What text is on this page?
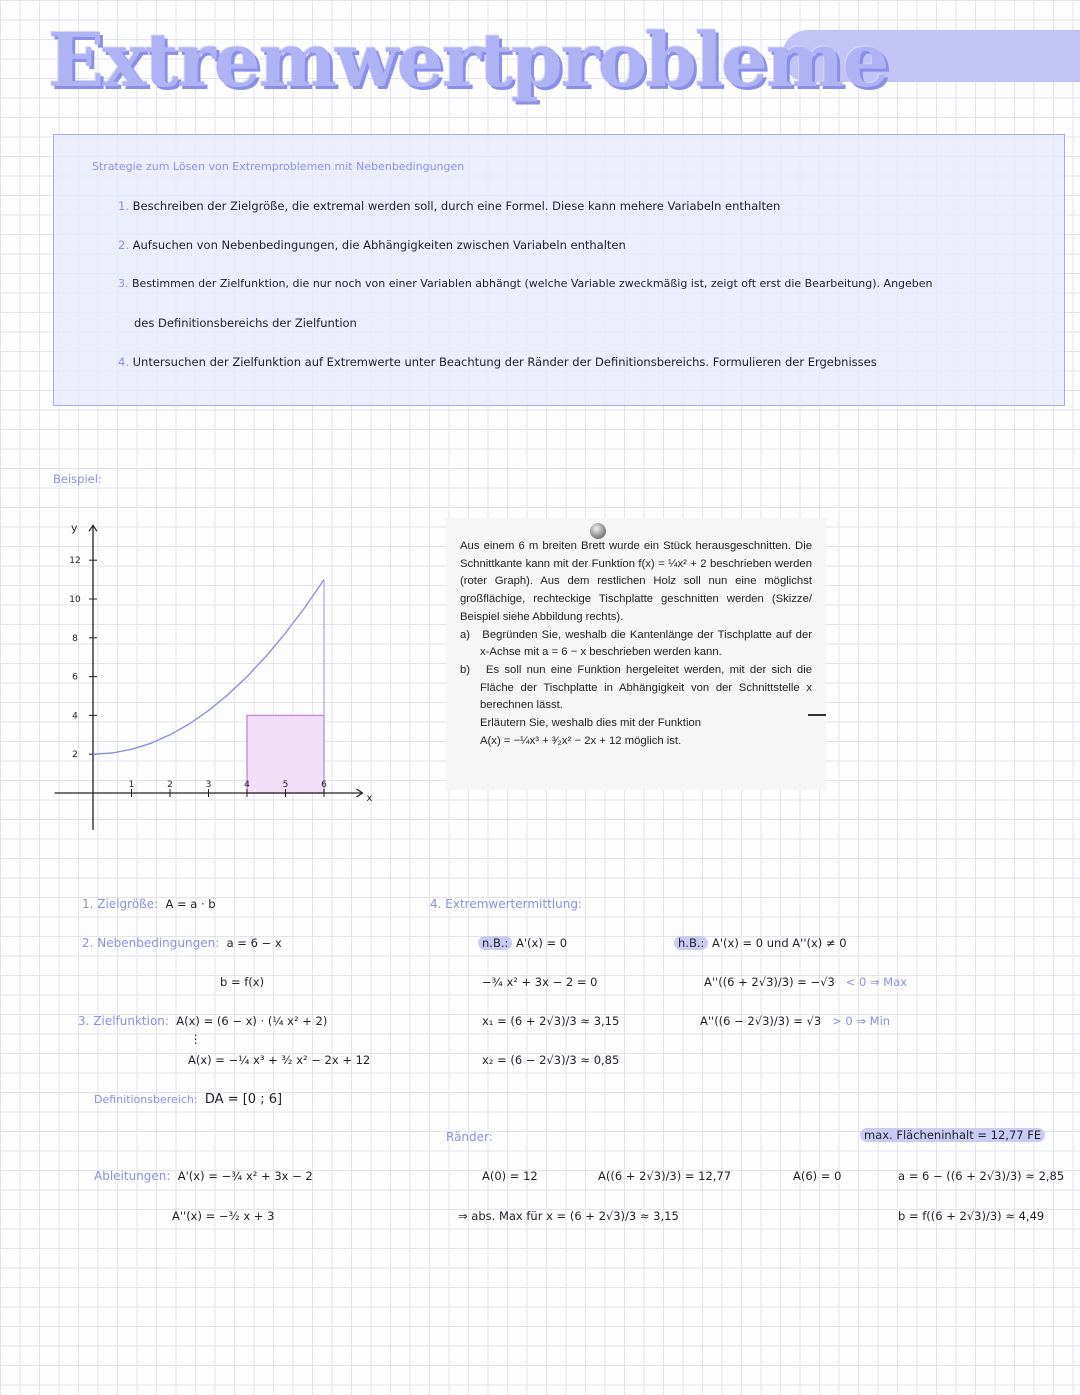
Extremwertprobleme
Strategie zum Lösen von Extremproblemen mit Nebenbedingungen
1. Beschreiben der Zielgröße, die extremal werden soll, durch eine Formel. Diese kann mehere Variabeln enthalten
2. Aufsuchen von Nebenbedingungen, die Abhängigkeiten zwischen Variabeln enthalten
3. Bestimmen der Zielfunktion, die nur noch von einer Variablen abhängt (welche Variable zweckmäßig ist, zeigt oft erst die Bearbeitung). Angeben
des Definitionsbereichs der Zielfuntion
4. Untersuchen der Zielfunktion auf Extremwerte unter Beachtung der Ränder der Definitionsbereichs. Formulieren der Ergebnisses
Beispiel:
x
y
1	2	3	4	5	6
2
4
6
8
10
12

Aus einem 6 m breiten Brett wurde ein Stück herausgeschnitten. Die Schnittkante kann mit der Funktion f(x) = ¼x² + 2 beschrieben werden (roter Graph). Aus dem restlichen Holz soll nun eine möglichst großflächige, rechteckige Tischplatte geschnitten werden (Skizze/ Beispiel siehe Abbildung rechts).

a) Begründen Sie, weshalb die Kantenlänge der Tischplatte auf der x-Achse mit a = 6 − x beschrieben werden kann.

b) Es soll nun eine Funktion hergeleitet werden, mit der sich die Fläche der Tischplatte in Abhängigkeit von der Schnittstelle x berechnen lässt.

Erläutern Sie, weshalb dies mit der Funktion

A(x) = −¼x³ + ³⁄₂x² − 2x + 12 möglich ist.

1. Zielgröße: A = a · b
2. Nebenbedingungen: a = 6 − x
b = f(x)
3. Zielfunktion: A(x) = (6 − x) · (¼ x² + 2)
⋮
A(x) = −¼ x³ + ³⁄₂ x² − 2x + 12
Definitionsbereich: DA = [0 ; 6]
Ableitungen: A'(x) = −¾ x² + 3x − 2
A''(x) = −³⁄₂ x + 3
4. Extremwertermittlung:
n.B.: A'(x) = 0
−¾ x² + 3x − 2 = 0
x₁ = (6 + 2√3)/3 ≈ 3,15
x₂ = (6 − 2√3)/3 ≈ 0,85
h.B.: A'(x) = 0 und A''(x) ≠ 0
A''((6 + 2√3)/3) = −√3 < 0 ⇒ Max
A''((6 − 2√3)/3) = √3 > 0 ⇒ Min
Ränder:	max. Flächeninhalt = 12,77 FE
A(0) = 12	A((6 + 2√3)/3) = 12,77	A(6) = 0
⇒ abs. Max für x = (6 + 2√3)/3 ≈ 3,15
a = 6 − ((6 + 2√3)/3) ≈ 2,85
b = f((6 + 2√3)/3) ≈ 4,49
